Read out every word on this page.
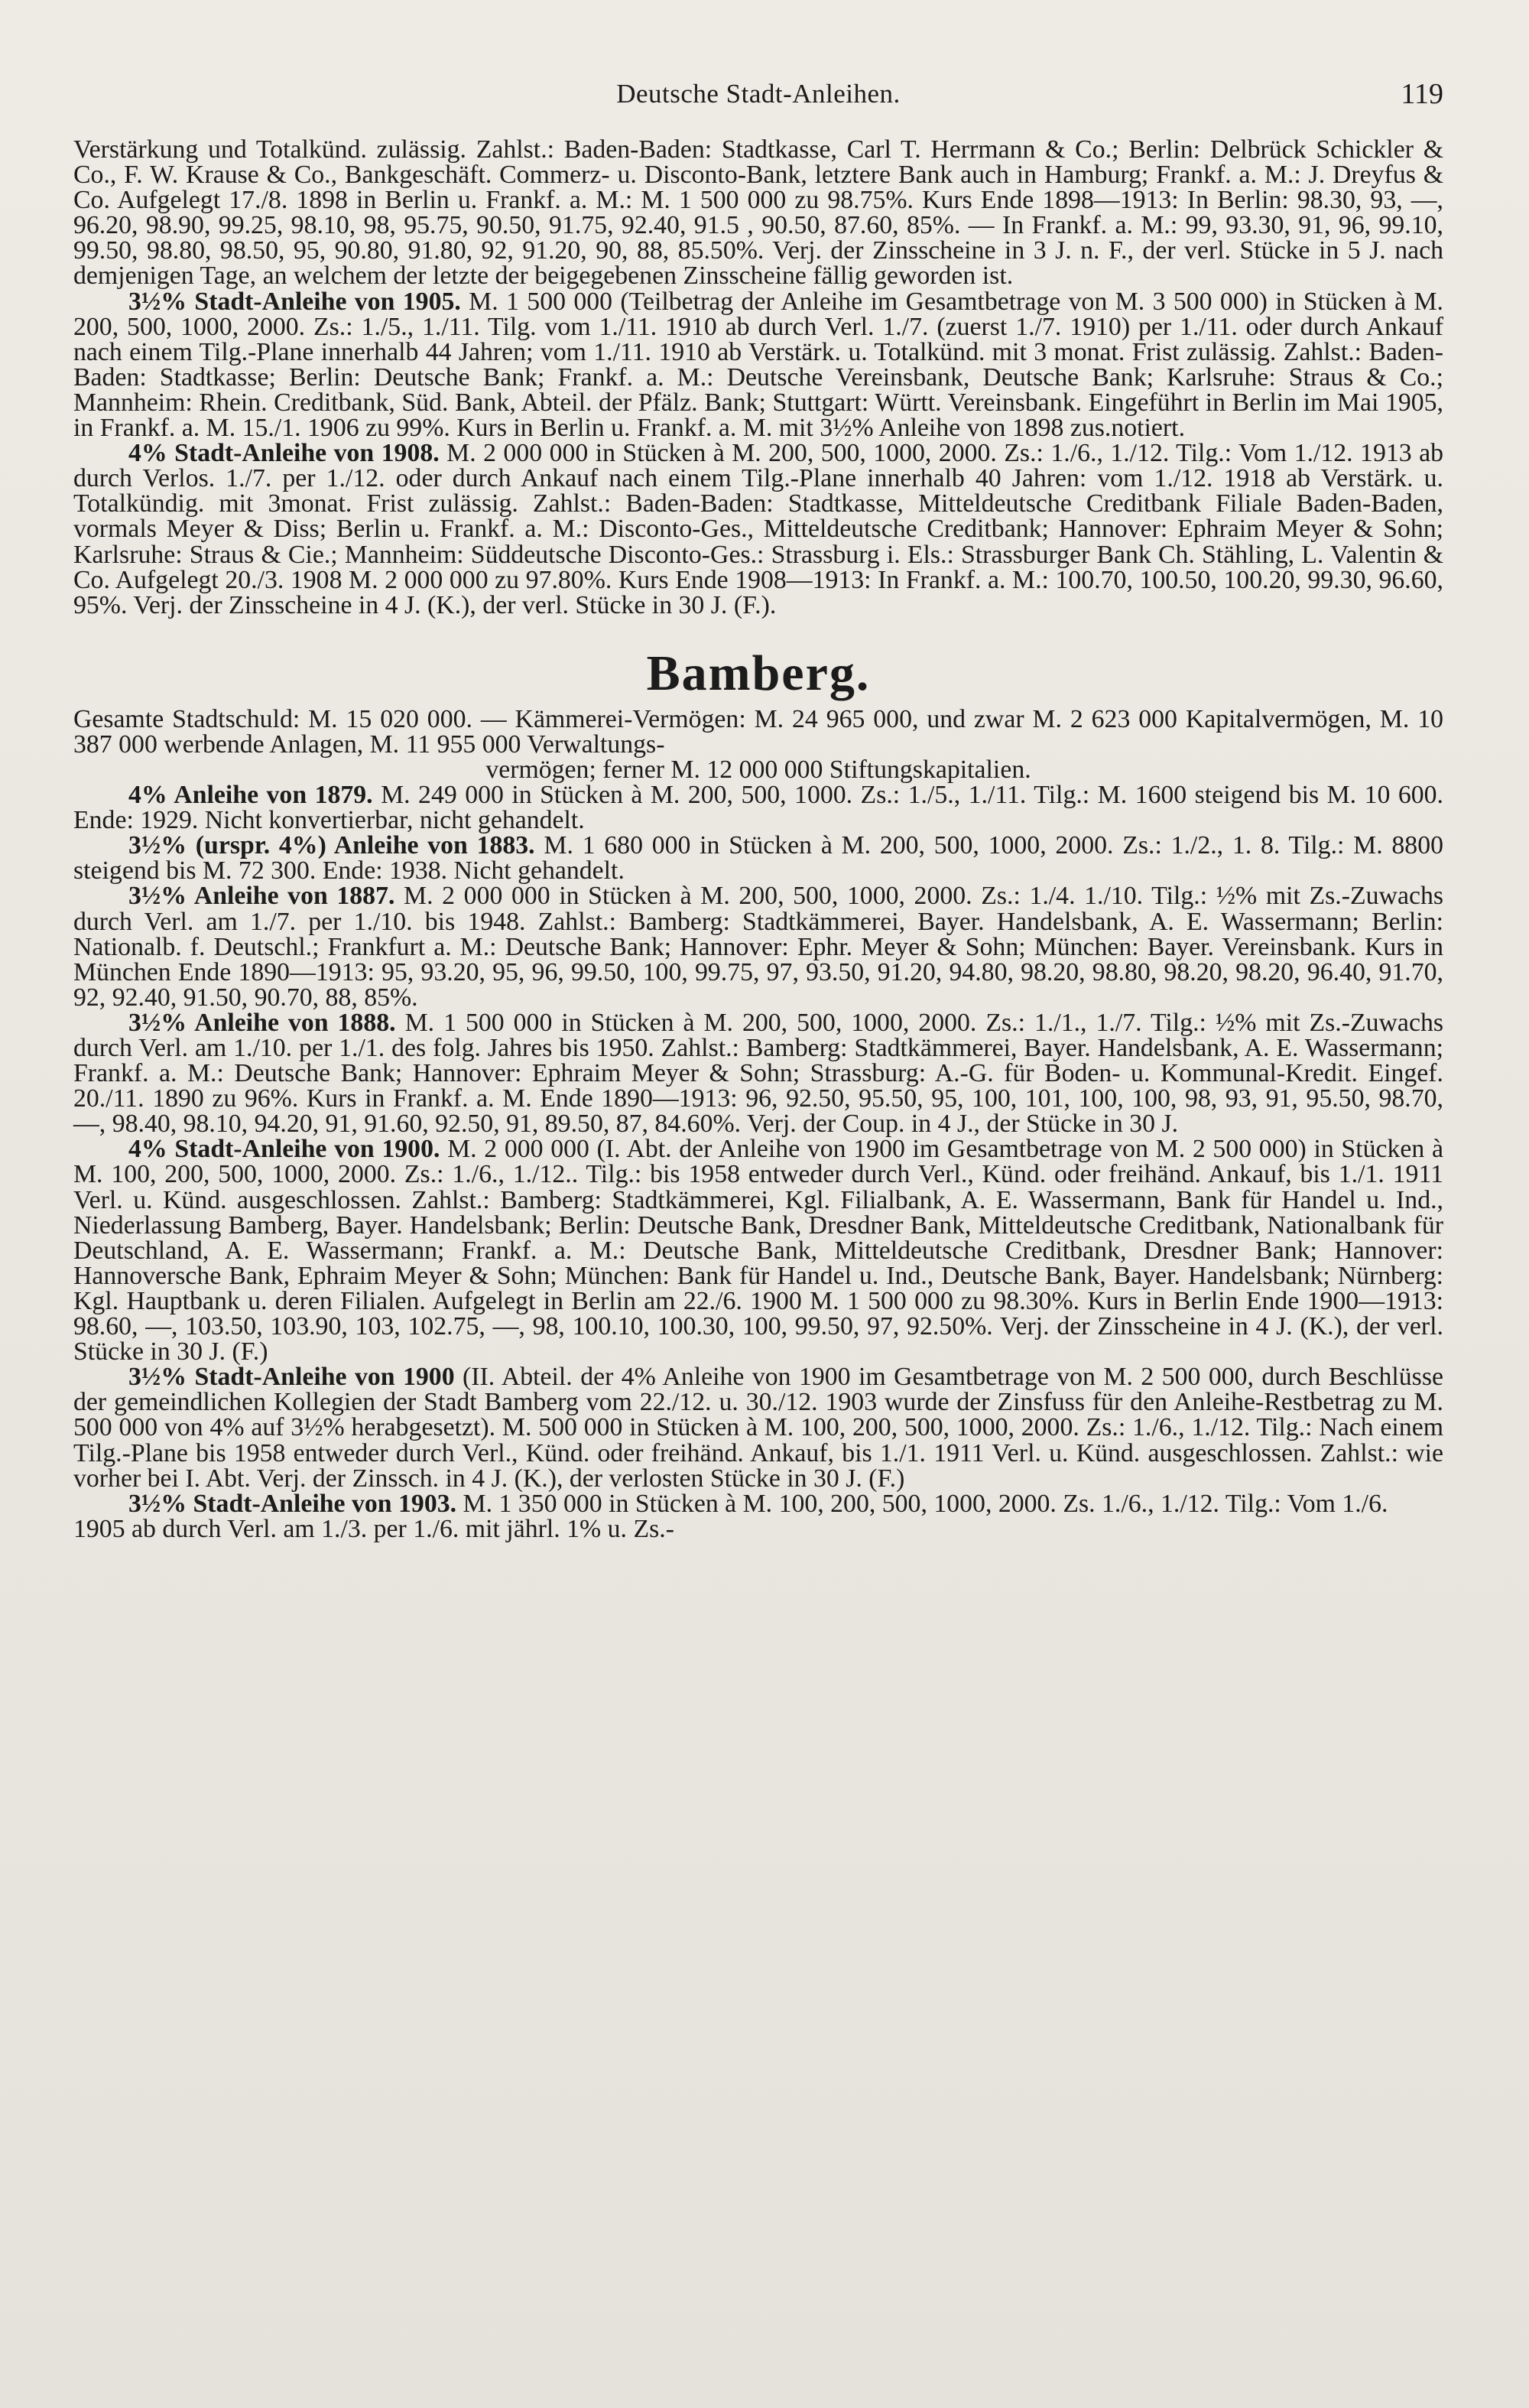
Deutsche Stadt-Anleihen.	119

Verstärkung und Totalkünd. zulässig. Zahlst.: Baden-Baden: Stadtkasse, Carl T. Herrmann & Co.; Berlin: Delbrück Schickler & Co., F. W. Krause & Co., Bankgeschäft. Commerz- u. Disconto-Bank, letztere Bank auch in Hamburg; Frankf. a. M.: J. Dreyfus & Co. Aufgelegt 17./8. 1898 in Berlin u. Frankf. a. M.: M. 1 500 000 zu 98.75%. Kurs Ende 1898—1913: In Berlin: 98.30, 93, —, 96.20, 98.90, 99.25, 98.10, 98, 95.75, 90.50, 91.75, 92.40, 91.5 , 90.50, 87.60, 85%. — In Frankf. a. M.: 99, 93.30, 91, 96, 99.10, 99.50, 98.80, 98.50, 95, 90.80, 91.80, 92, 91.20, 90, 88, 85.50%. Verj. der Zinsscheine in 3 J. n. F., der verl. Stücke in 5 J. nach demjenigen Tage, an welchem der letzte der beigegebenen Zinsscheine fällig geworden ist.

3½% Stadt-Anleihe von 1905. M. 1 500 000 (Teilbetrag der Anleihe im Gesamtbetrage von M. 3 500 000) in Stücken à M. 200, 500, 1000, 2000. Zs.: 1./5., 1./11. Tilg. vom 1./11. 1910 ab durch Verl. 1./7. (zuerst 1./7. 1910) per 1./11. oder durch Ankauf nach einem Tilg.-Plane innerhalb 44 Jahren; vom 1./11. 1910 ab Verstärk. u. Totalkünd. mit 3 monat. Frist zulässig. Zahlst.: Baden-Baden: Stadtkasse; Berlin: Deutsche Bank; Frankf. a. M.: Deutsche Vereinsbank, Deutsche Bank; Karlsruhe: Straus & Co.; Mannheim: Rhein. Creditbank, Süd. Bank, Abteil. der Pfälz. Bank; Stuttgart: Württ. Vereinsbank. Eingeführt in Berlin im Mai 1905, in Frankf. a. M. 15./1. 1906 zu 99%. Kurs in Berlin u. Frankf. a. M. mit 3½% Anleihe von 1898 zus.notiert.

4% Stadt-Anleihe von 1908. M. 2 000 000 in Stücken à M. 200, 500, 1000, 2000. Zs.: 1./6., 1./12. Tilg.: Vom 1./12. 1913 ab durch Verlos. 1./7. per 1./12. oder durch Ankauf nach einem Tilg.-Plane innerhalb 40 Jahren: vom 1./12. 1918 ab Verstärk. u. Totalkündig. mit 3monat. Frist zulässig. Zahlst.: Baden-Baden: Stadtkasse, Mitteldeutsche Creditbank Filiale Baden-Baden, vormals Meyer & Diss; Berlin u. Frankf. a. M.: Disconto-Ges., Mitteldeutsche Creditbank; Hannover: Ephraim Meyer & Sohn; Karlsruhe: Straus & Cie.; Mannheim: Süddeutsche Disconto-Ges.: Strassburg i. Els.: Strassburger Bank Ch. Stähling, L. Valentin & Co. Aufgelegt 20./3. 1908 M. 2 000 000 zu 97.80%. Kurs Ende 1908—1913: In Frankf. a. M.: 100.70, 100.50, 100.20, 99.30, 96.60, 95%. Verj. der Zinsscheine in 4 J. (K.), der verl. Stücke in 30 J. (F.).

Bamberg.

Gesamte Stadtschuld: M. 15 020 000. — Kämmerei-Vermögen: M. 24 965 000, und zwar M. 2 623 000 Kapitalvermögen, M. 10 387 000 werbende Anlagen, M. 11 955 000 Verwaltungs-

vermögen; ferner M. 12 000 000 Stiftungskapitalien.

4% Anleihe von 1879. M. 249 000 in Stücken à M. 200, 500, 1000. Zs.: 1./5., 1./11. Tilg.: M. 1600 steigend bis M. 10 600. Ende: 1929. Nicht konvertierbar, nicht gehandelt.

3½% (urspr. 4%) Anleihe von 1883. M. 1 680 000 in Stücken à M. 200, 500, 1000, 2000. Zs.: 1./2., 1. 8. Tilg.: M. 8800 steigend bis M. 72 300. Ende: 1938. Nicht gehandelt.

3½% Anleihe von 1887. M. 2 000 000 in Stücken à M. 200, 500, 1000, 2000. Zs.: 1./4. 1./10. Tilg.: ½% mit Zs.-Zuwachs durch Verl. am 1./7. per 1./10. bis 1948. Zahlst.: Bamberg: Stadtkämmerei, Bayer. Handelsbank, A. E. Wassermann; Berlin: Nationalb. f. Deutschl.; Frankfurt a. M.: Deutsche Bank; Hannover: Ephr. Meyer & Sohn; München: Bayer. Vereinsbank. Kurs in München Ende 1890—1913: 95, 93.20, 95, 96, 99.50, 100, 99.75, 97, 93.50, 91.20, 94.80, 98.20, 98.80, 98.20, 98.20, 96.40, 91.70, 92, 92.40, 91.50, 90.70, 88, 85%.

3½% Anleihe von 1888. M. 1 500 000 in Stücken à M. 200, 500, 1000, 2000. Zs.: 1./1., 1./7. Tilg.: ½% mit Zs.-Zuwachs durch Verl. am 1./10. per 1./1. des folg. Jahres bis 1950. Zahlst.: Bamberg: Stadtkämmerei, Bayer. Handelsbank, A. E. Wassermann; Frankf. a. M.: Deutsche Bank; Hannover: Ephraim Meyer & Sohn; Strassburg: A.-G. für Boden- u. Kommunal-Kredit. Eingef. 20./11. 1890 zu 96%. Kurs in Frankf. a. M. Ende 1890—1913: 96, 92.50, 95.50, 95, 100, 101, 100, 100, 98, 93, 91, 95.50, 98.70, —, 98.40, 98.10, 94.20, 91, 91.60, 92.50, 91, 89.50, 87, 84.60%. Verj. der Coup. in 4 J., der Stücke in 30 J.

4% Stadt-Anleihe von 1900. M. 2 000 000 (I. Abt. der Anleihe von 1900 im Gesamtbetrage von M. 2 500 000) in Stücken à M. 100, 200, 500, 1000, 2000. Zs.: 1./6., 1./12.. Tilg.: bis 1958 entweder durch Verl., Künd. oder freihänd. Ankauf, bis 1./1. 1911 Verl. u. Künd. ausgeschlossen. Zahlst.: Bamberg: Stadtkämmerei, Kgl. Filialbank, A. E. Wassermann, Bank für Handel u. Ind., Niederlassung Bamberg, Bayer. Handelsbank; Berlin: Deutsche Bank, Dresdner Bank, Mitteldeutsche Creditbank, Nationalbank für Deutschland, A. E. Wassermann; Frankf. a. M.: Deutsche Bank, Mitteldeutsche Creditbank, Dresdner Bank; Hannover: Hannoversche Bank, Ephraim Meyer & Sohn; München: Bank für Handel u. Ind., Deutsche Bank, Bayer. Handelsbank; Nürnberg: Kgl. Hauptbank u. deren Filialen. Aufgelegt in Berlin am 22./6. 1900 M. 1 500 000 zu 98.30%. Kurs in Berlin Ende 1900—1913: 98.60, —, 103.50, 103.90, 103, 102.75, —, 98, 100.10, 100.30, 100, 99.50, 97, 92.50%. Verj. der Zinsscheine in 4 J. (K.), der verl. Stücke in 30 J. (F.)

3½% Stadt-Anleihe von 1900 (II. Abteil. der 4% Anleihe von 1900 im Gesamtbetrage von M. 2 500 000, durch Beschlüsse der gemeindlichen Kollegien der Stadt Bamberg vom 22./12. u. 30./12. 1903 wurde der Zinsfuss für den Anleihe-Restbetrag zu M. 500 000 von 4% auf 3½% herabgesetzt). M. 500 000 in Stücken à M. 100, 200, 500, 1000, 2000. Zs.: 1./6., 1./12. Tilg.: Nach einem Tilg.-Plane bis 1958 entweder durch Verl., Künd. oder freihänd. Ankauf, bis 1./1. 1911 Verl. u. Künd. ausgeschlossen. Zahlst.: wie vorher bei I. Abt. Verj. der Zinssch. in 4 J. (K.), der verlosten Stücke in 30 J. (F.)

3½% Stadt-Anleihe von 1903. M. 1 350 000 in Stücken à M. 100, 200, 500, 1000, 2000. Zs. 1./6., 1./12. Tilg.: Vom 1./6. 1905 ab durch Verl. am 1./3. per 1./6. mit jährl. 1% u. Zs.-
